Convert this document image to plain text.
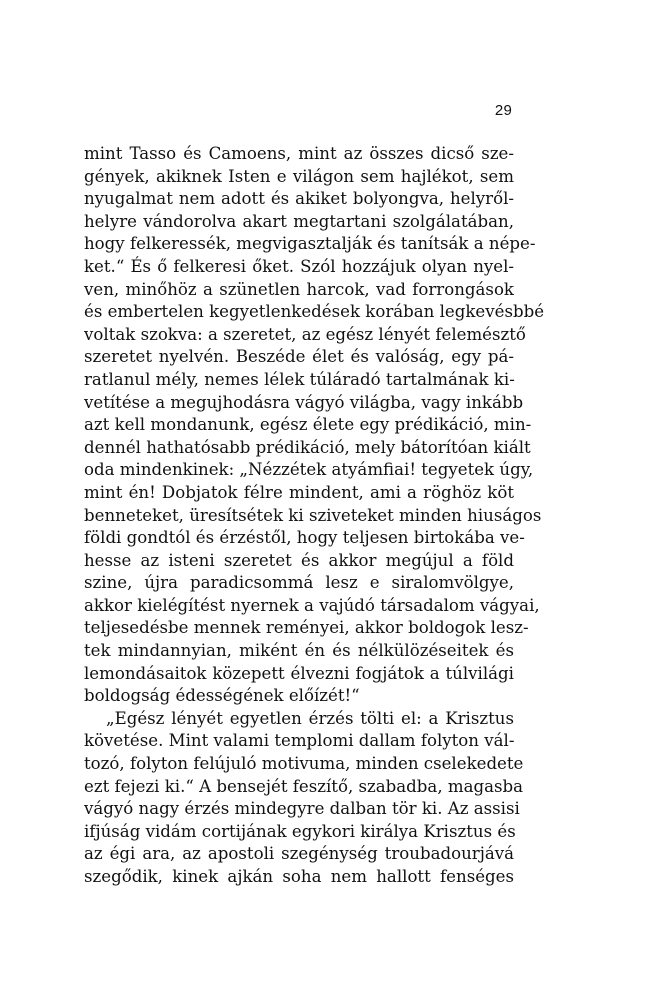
29
mint Tasso és Camoens, mint az összes dicső sze-
gények, akiknek Isten e világon sem hajlékot, sem
nyugalmat nem adott és akiket bolyongva, helyről-
helyre vándorolva akart megtartani szolgálatában,
hogy felkeressék, megvigasztalják és tanítsák a népe-
ket.“ És ő felkeresi őket. Szól hozzájuk olyan nyel-
ven, minőhöz a szünetlen harcok, vad forrongások
és embertelen kegyetlenkedések korában legkevésbbé
voltak szokva: a szeretet, az egész lényét felemésztő
szeretet nyelvén. Beszéde élet és valóság, egy pá-
ratlanul mély, nemes lélek túláradó tartalmának ki-
vetítése a megujhodásra vágyó világba, vagy inkább
azt kell mondanunk, egész élete egy prédikáció, min-
dennél hathatósabb prédikáció, mely bátorítóan kiált
oda mindenkinek: „Nézzétek atyámfiai! tegyetek úgy,
mint én! Dobjatok félre mindent, ami a röghöz köt
benneteket, üresítsétek ki sziveteket minden hiuságos
földi gondtól és érzéstől, hogy teljesen birtokába ve-
hesse az isteni szeretet és akkor megújul a föld
szine, újra paradicsommá lesz e siralomvölgye,
akkor kielégítést nyernek a vajúdó társadalom vágyai,
teljesedésbe mennek reményei, akkor boldogok lesz-
tek mindannyian, miként én és nélkülözéseitek és
lemondásaitok közepett élvezni fogjátok a túlvilági
boldogság édességének előízét!“
„Egész lényét egyetlen érzés tölti el: a Krisztus
követése. Mint valami templomi dallam folyton vál-
tozó, folyton felújuló motivuma, minden cselekedete
ezt fejezi ki.“ A bensejét feszítő, szabadba, magasba
vágyó nagy érzés mindegyre dalban tör ki. Az assisi
ifjúság vidám cortijának egykori királya Krisztus és
az égi ara, az apostoli szegénység troubadourjává
szegődik, kinek ajkán soha nem hallott fenséges
